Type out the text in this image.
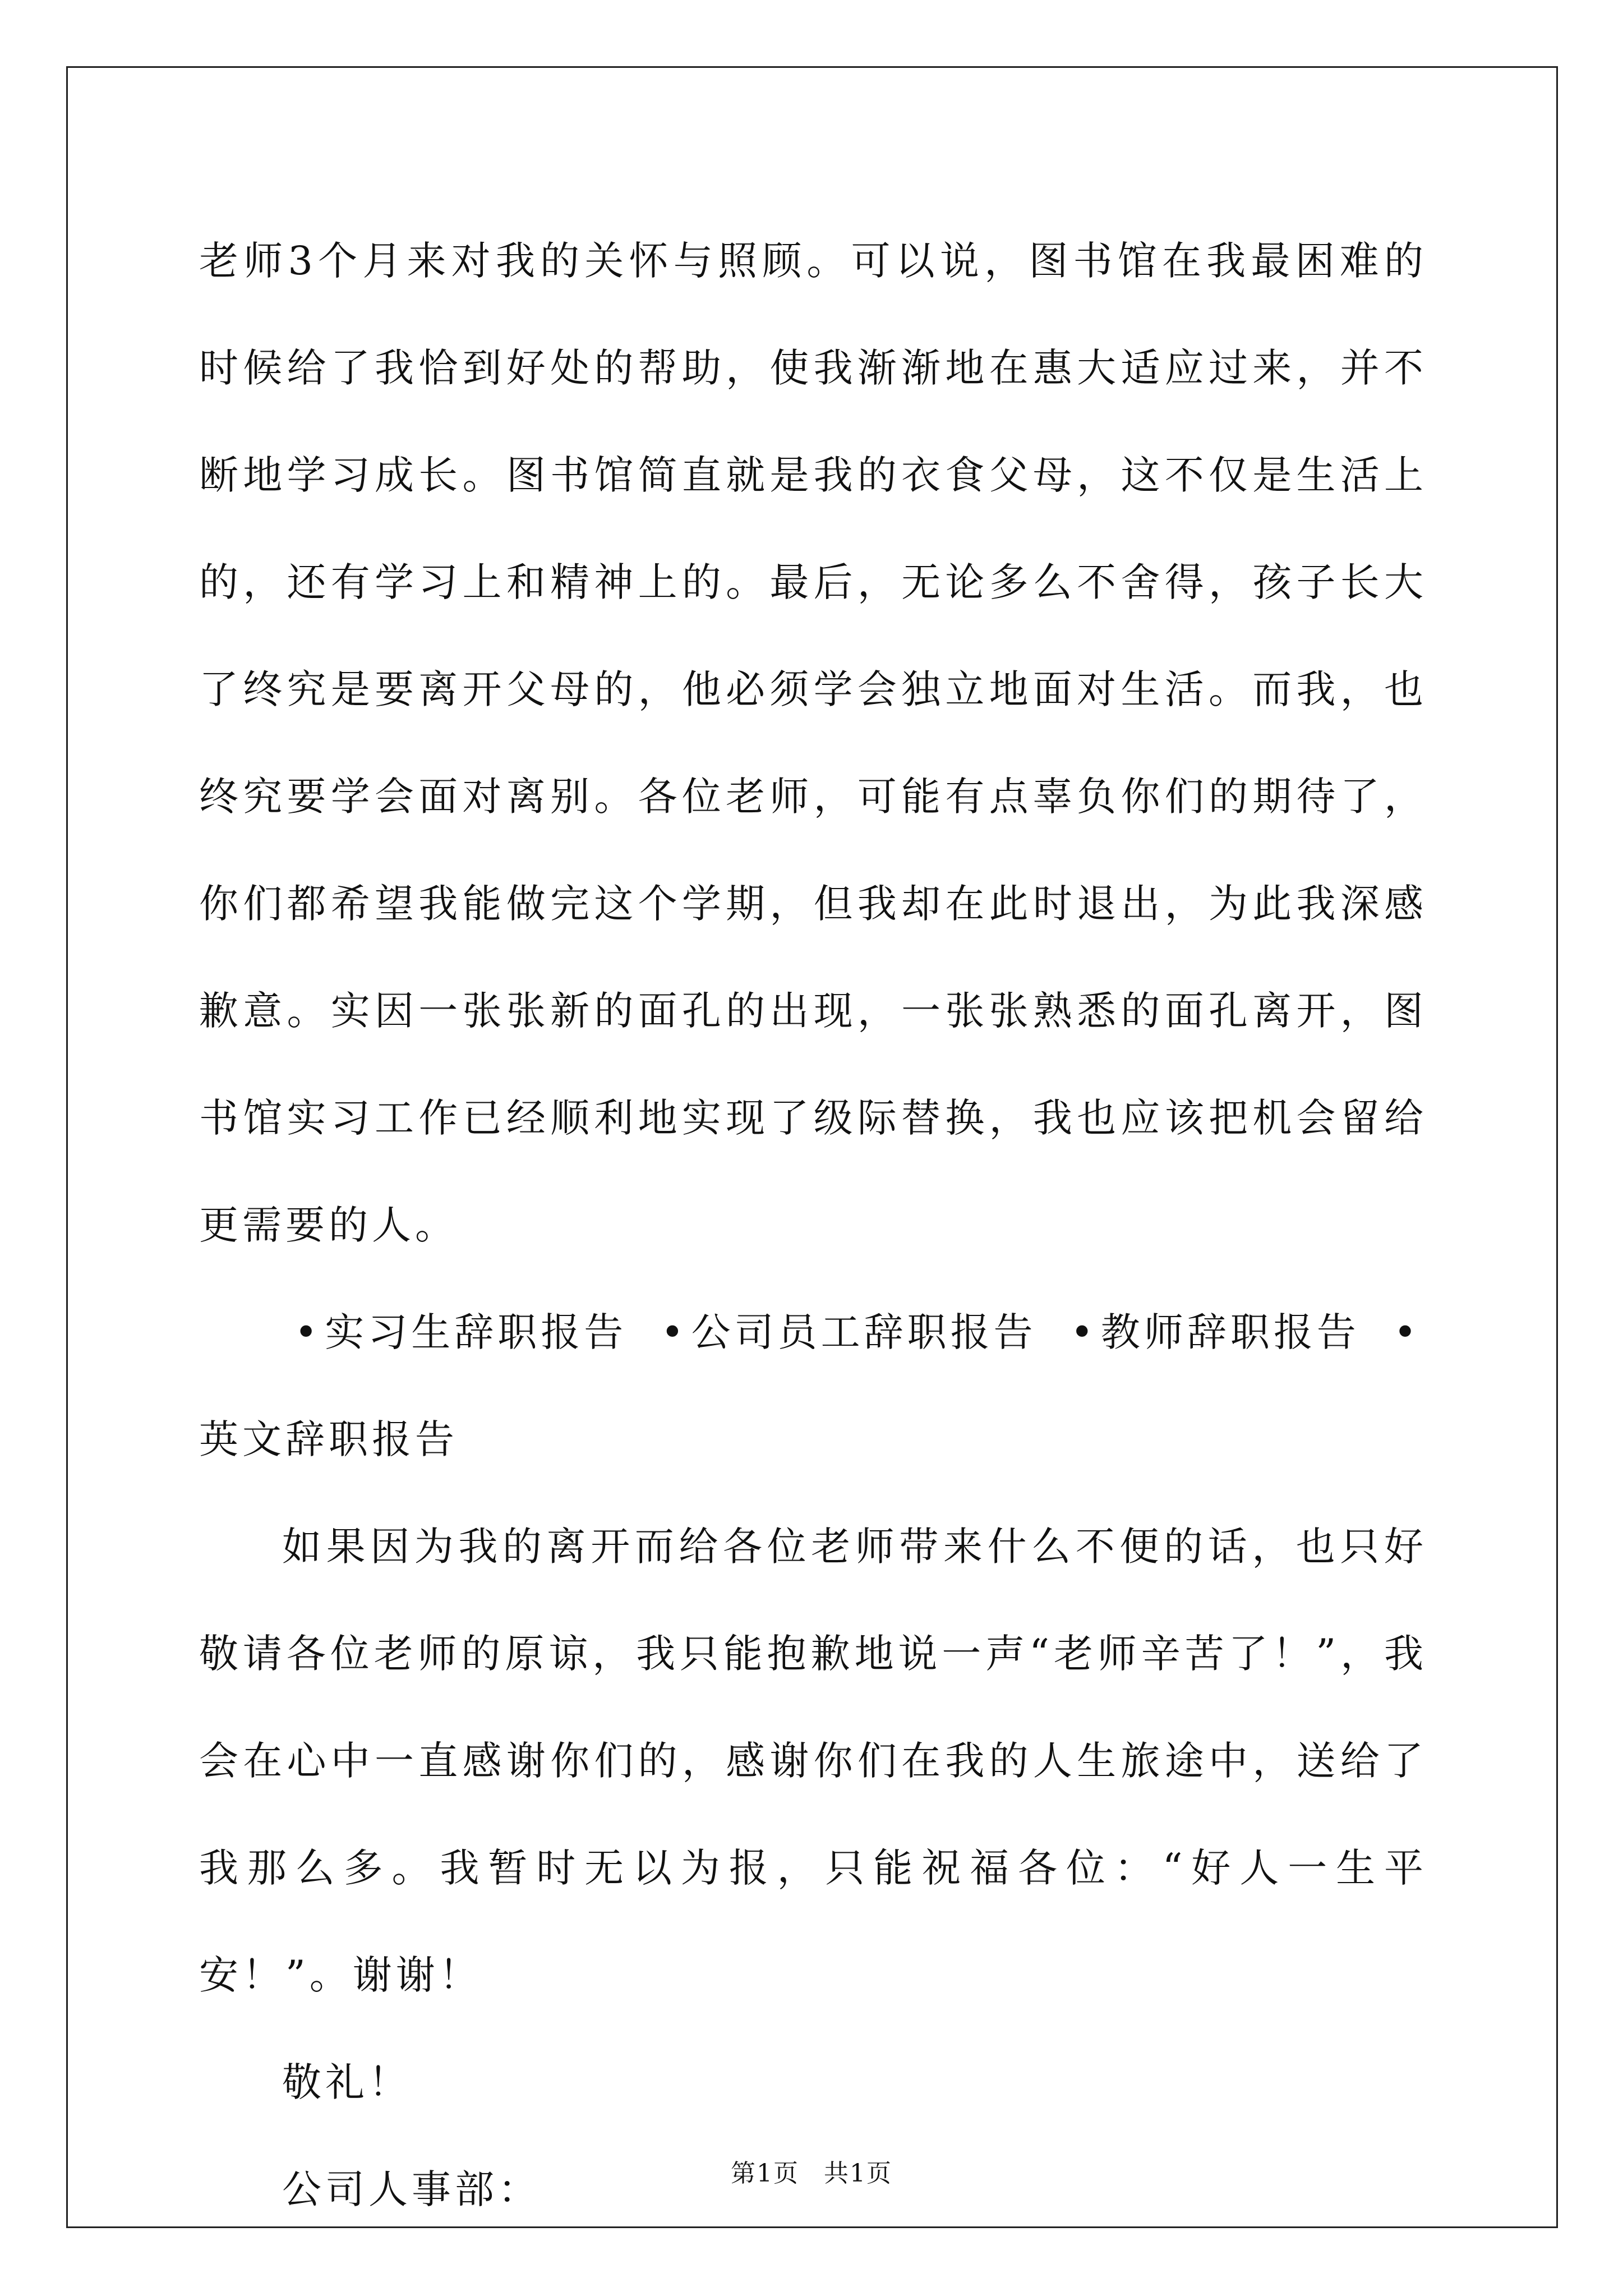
老师3个月来对我的关怀与照顾。可以说，图书馆在我最困难的时候给了我恰到好处的帮助，使我渐渐地在惠大适应过来，并不断地学习成长。图书馆简直就是我的衣食父母，这不仅是生活上的，还有学习上和精神上的。最后，无论多么不舍得，孩子长大了终究是要离开父母的，他必须学会独立地面对生活。而我，也终究要学会面对离别。各位老师，可能有点辜负你们的期待了，你们都希望我能做完这个学期，但我却在此时退出，为此我深感歉意。实因一张张新的面孔的出现，一张张熟悉的面孔离开，图书馆实习工作已经顺利地实现了级际替换，我也应该把机会留给更需要的人。

•实习生辞职报告 •公司员工辞职报告 •教师辞职报告 •英文辞职报告

如果因为我的离开而给各位老师带来什么不便的话，也只好敬请各位老师的原谅，我只能抱歉地说一声“老师辛苦了！”，我会在心中一直感谢你们的，感谢你们在我的人生旅途中，送给了我那么多。我暂时无以为报，只能祝福各位：“好人一生平安！”。谢谢！

敬礼！

公司人事部：	第1页 共1页
